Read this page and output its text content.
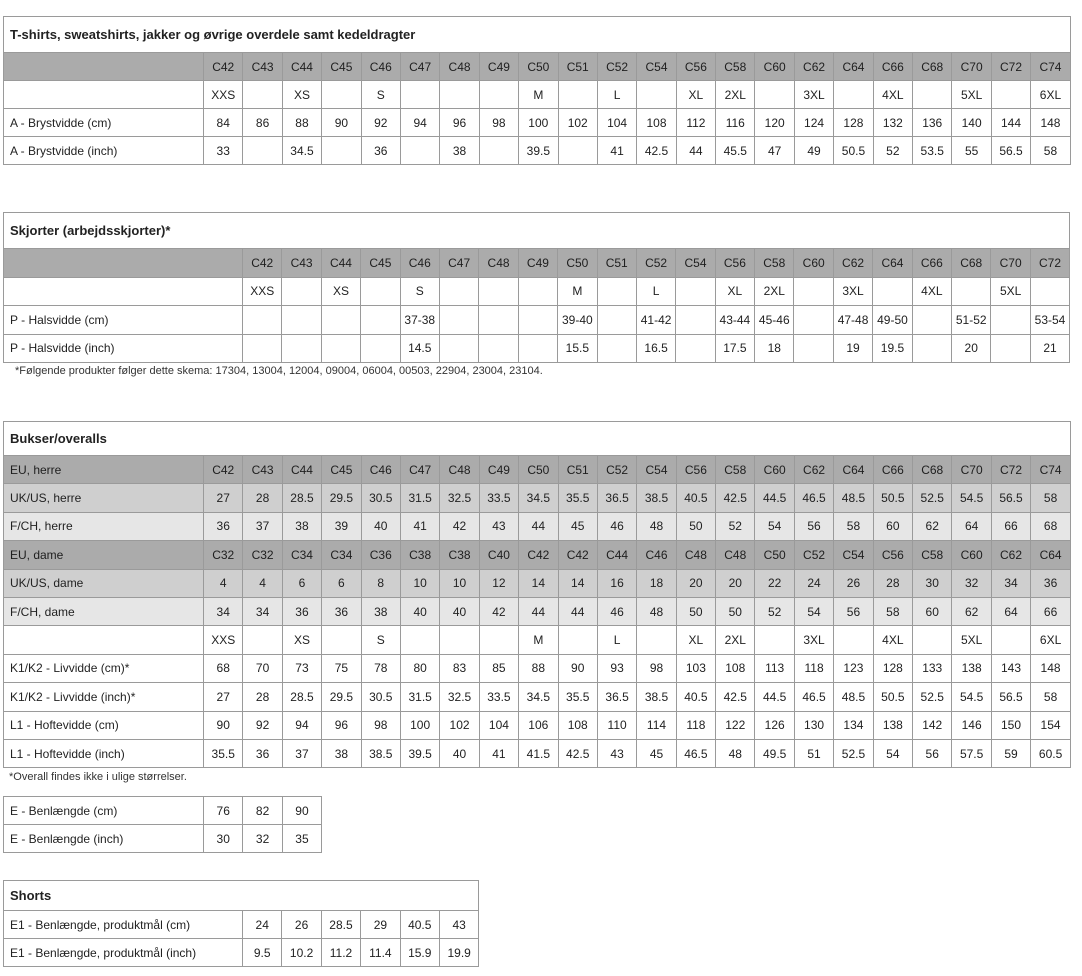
T-shirts, sweatshirts, jakker og øvrige overdele samt kedeldragter																						
	C42	C43	C44	C45	C46	C47	C48	C49	C50	C51	C52	C54	C56	C58	C60	C62	C64	C66	C68	C70	C72	C74
	XXS		XS		S				M		L		XL	2XL		3XL		4XL		5XL		6XL
A - Brystvidde (cm)	84	86	88	90	92	94	96	98	100	102	104	108	112	116	120	124	128	132	136	140	144	148
A - Brystvidde (inch)	33		34.5		36		38		39.5		41	42.5	44	45.5	47	49	50.5	52	53.5	55	56.5	58
Skjorter (arbejdsskjorter)*																					
	C42	C43	C44	C45	C46	C47	C48	C49	C50	C51	C52	C54	C56	C58	C60	C62	C64	C66	C68	C70	C72
	XXS		XS		S				M		L		XL	2XL		3XL		4XL		5XL	
P - Halsvidde (cm)					37-38				39-40		41-42		43-44	45-46		47-48	49-50		51-52		53-54
P - Halsvidde (inch)					14.5				15.5		16.5		17.5	18		19	19.5		20		21
*Følgende produkter følger dette skema: 17304, 13004, 12004, 09004, 06004, 00503, 22904, 23004, 23104.
Bukser/overalls																						
EU, herre	C42	C43	C44	C45	C46	C47	C48	C49	C50	C51	C52	C54	C56	C58	C60	C62	C64	C66	C68	C70	C72	C74
UK/US, herre	27	28	28.5	29.5	30.5	31.5	32.5	33.5	34.5	35.5	36.5	38.5	40.5	42.5	44.5	46.5	48.5	50.5	52.5	54.5	56.5	58
F/CH, herre	36	37	38	39	40	41	42	43	44	45	46	48	50	52	54	56	58	60	62	64	66	68
EU, dame	C32	C32	C34	C34	C36	C38	C38	C40	C42	C42	C44	C46	C48	C48	C50	C52	C54	C56	C58	C60	C62	C64
UK/US, dame	4	4	6	6	8	10	10	12	14	14	16	18	20	20	22	24	26	28	30	32	34	36
F/CH, dame	34	34	36	36	38	40	40	42	44	44	46	48	50	50	52	54	56	58	60	62	64	66
	XXS		XS		S				M		L		XL	2XL		3XL		4XL		5XL		6XL
K1/K2 - Livvidde (cm)*	68	70	73	75	78	80	83	85	88	90	93	98	103	108	113	118	123	128	133	138	143	148
K1/K2 - Livvidde (inch)*	27	28	28.5	29.5	30.5	31.5	32.5	33.5	34.5	35.5	36.5	38.5	40.5	42.5	44.5	46.5	48.5	50.5	52.5	54.5	56.5	58
L1 - Hoftevidde (cm)	90	92	94	96	98	100	102	104	106	108	110	114	118	122	126	130	134	138	142	146	150	154
L1 - Hoftevidde (inch)	35.5	36	37	38	38.5	39.5	40	41	41.5	42.5	43	45	46.5	48	49.5	51	52.5	54	56	57.5	59	60.5
*Overall findes ikke i ulige størrelser.
E - Benlængde (cm)	76	82	90
E - Benlængde (inch)	30	32	35
Shorts						
E1 - Benlængde, produktmål (cm)	24	26	28.5	29	40.5	43
E1 - Benlængde, produktmål (inch)	9.5	10.2	11.2	11.4	15.9	19.9
